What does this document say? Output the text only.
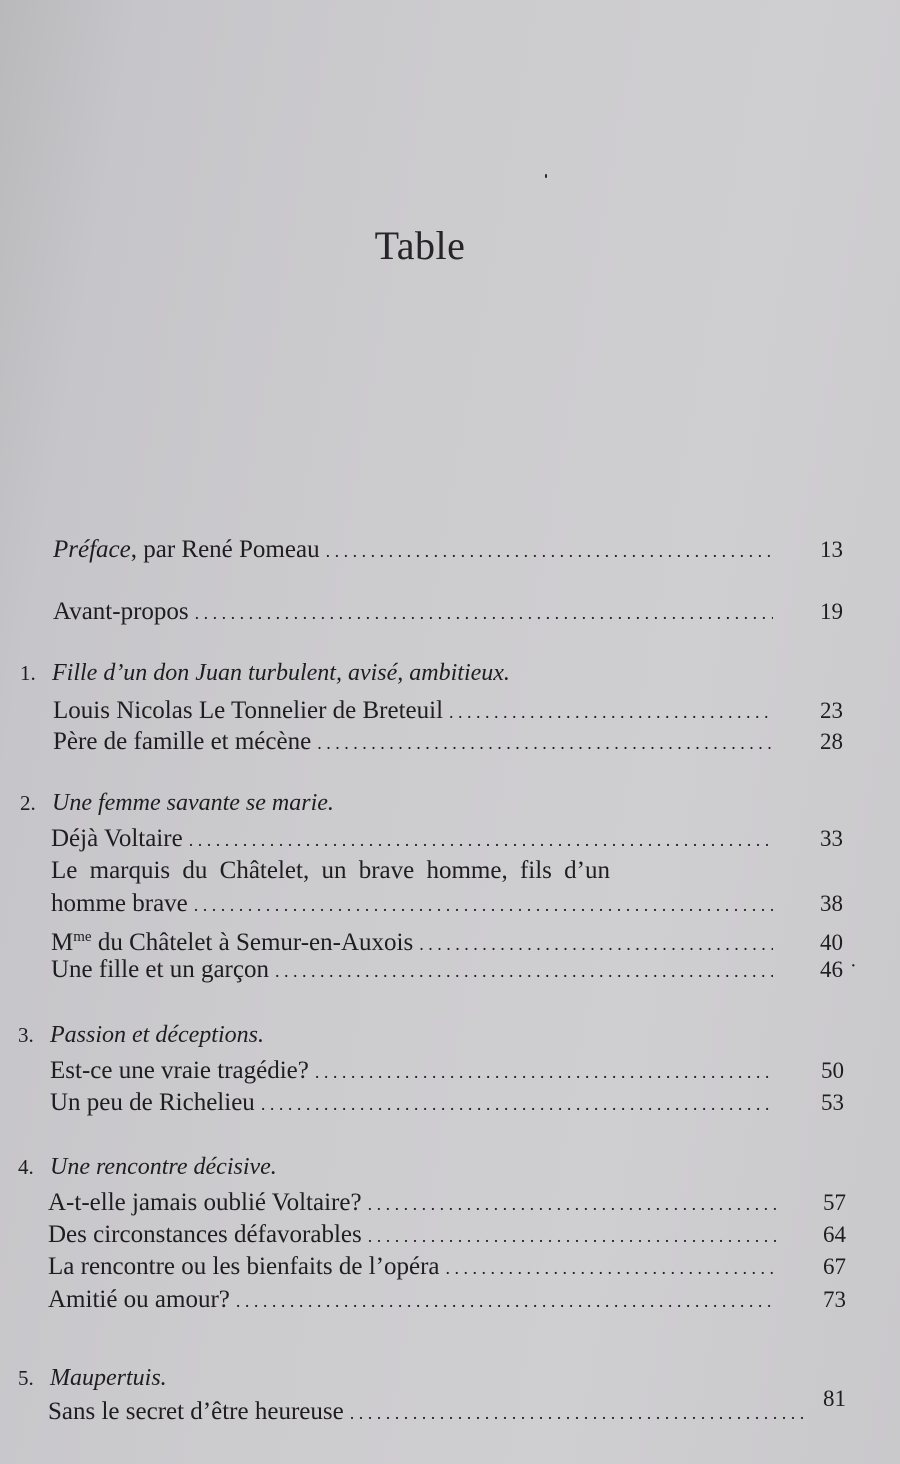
Table
Préface, par René Pomeau . . .	13
Avant-propos . . .	19
1. Fille d’un don Juan turbulent, avisé, ambitieux.
Louis Nicolas Le Tonnelier de Breteuil . . .	23
Père de famille et mécène . . .	28
2. Une femme savante se marie.
Déjà Voltaire . . .	33
Le marquis du Châtelet, un brave homme, fils d’un
homme brave . . .	38
$M^{me}$ du Châtelet à Semur-en-Auxois . . .	40
Une fille et un garçon . . .	46 ·
3. Passion et déceptions.
Est-ce une vraie tragédie? . . .	50
Un peu de Richelieu . . .	53
4. Une rencontre décisive.
A-t-elle jamais oublié Voltaire? . . .	57
Des circonstances défavorables . . .	64
La rencontre ou les bienfaits de l’opéra . . .	67
Amitié ou amour? . . .	73
5. Maupertuis.
Sans le secret d’être heureuse . . .	81
